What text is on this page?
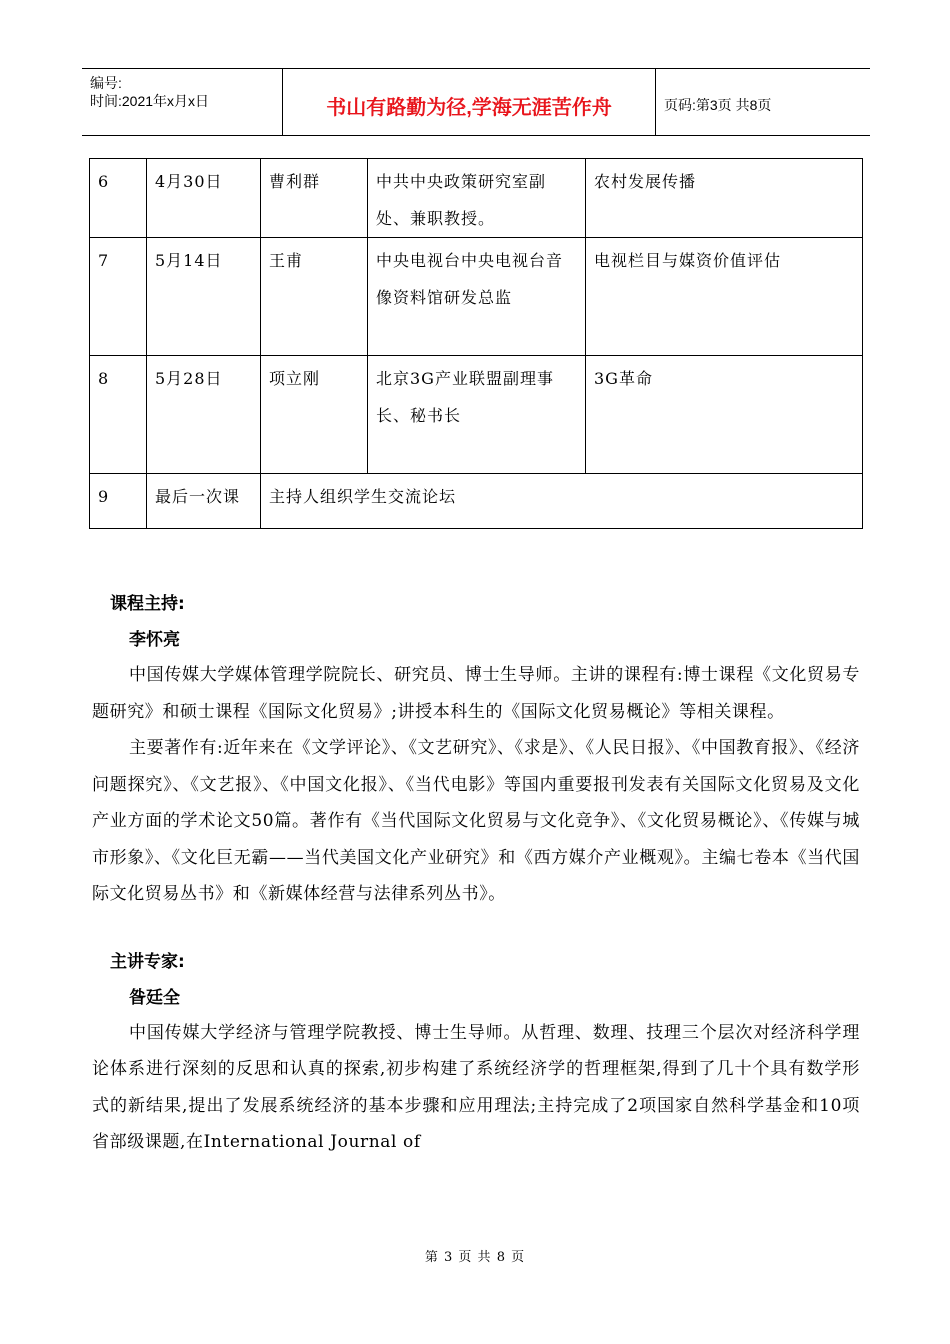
编号:
时间:2021年x月x日	书山有路勤为径,学海无涯苦作舟	页码:第3页 共8页
6	4月30日	曹利群	中共中央政策研究室副处、兼职教授。	农村发展传播
7	5月14日	王甫	中央电视台中央电视台音像资料馆研发总监	电视栏目与媒资价值评估
8	5月28日	项立刚	北京3G产业联盟副理事长、秘书长	3G革命
9	最后一次课	主持人组织学生交流论坛		
课程主持:
李怀亮

中国传媒大学媒体管理学院院长、研究员、博士生导师。主讲的课程有:博士课程《文化贸易专题研究》和硕士课程《国际文化贸易》;讲授本科生的《国际文化贸易概论》等相关课程。

主要著作有:近年来在《文学评论》、《文艺研究》、《求是》、《人民日报》、《中国教育报》、《经济问题探究》、《文艺报》、《中国文化报》、《当代电影》等国内重要报刊发表有关国际文化贸易及文化产业方面的学术论文50篇。著作有《当代国际文化贸易与文化竞争》、《文化贸易概论》、《传媒与城市形象》、《文化巨无霸——当代美国文化产业研究》和《西方媒介产业概观》。主编七卷本《当代国际文化贸易丛书》和《新媒体经营与法律系列丛书》。

主讲专家:
昝廷全

中国传媒大学经济与管理学院教授、博士生导师。从哲理、数理、技理三个层次对经济科学理论体系进行深刻的反思和认真的探索,初步构建了系统经济学的哲理框架,得到了几十个具有数学形式的新结果,提出了发展系统经济的基本步骤和应用理法;主持完成了2项国家自然科学基金和10项省部级课题,在International Journal of

第 3 页 共 8 页
